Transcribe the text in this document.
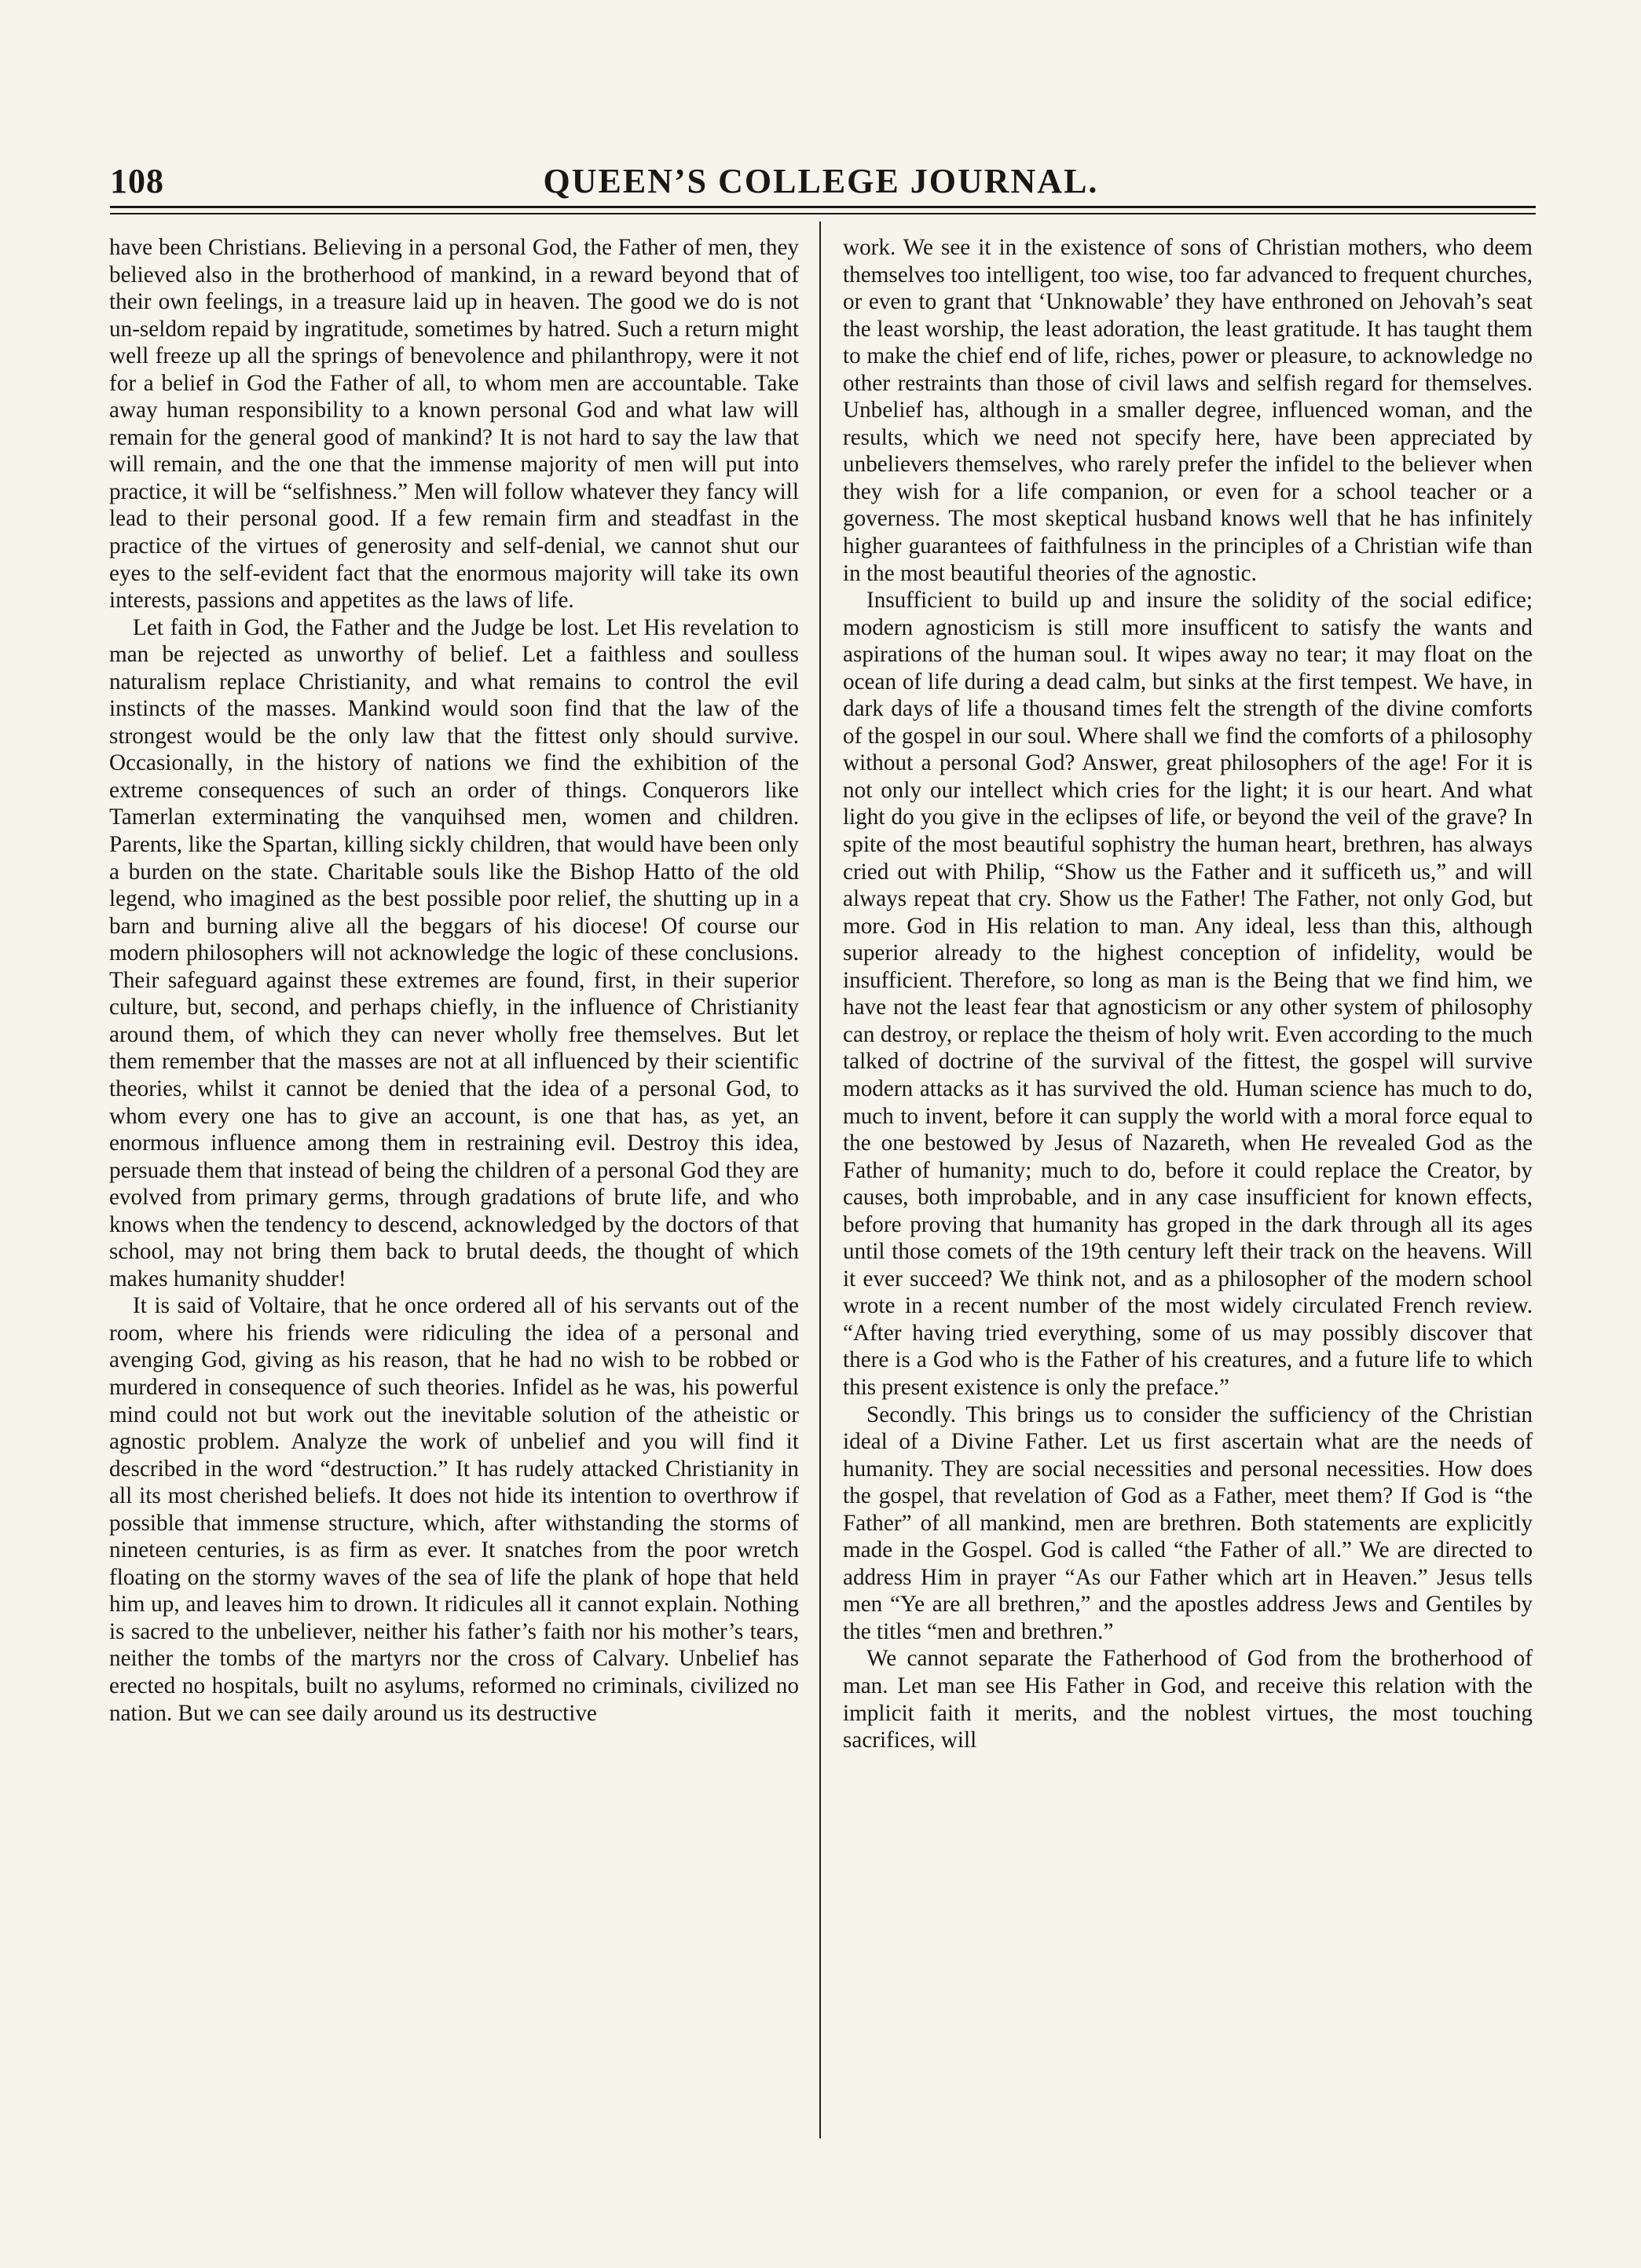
108	QUEEN’S COLLEGE JOURNAL.

have been Christians. Believing in a personal God, the Father of men, they believed also in the brotherhood of mankind, in a reward beyond that of their own feelings, in a treasure laid up in heaven. The good we do is not un-seldom repaid by ingratitude, sometimes by hatred. Such a return might well freeze up all the springs of benevolence and philanthropy, were it not for a belief in God the Father of all, to whom men are accountable. Take away human responsibility to a known personal God and what law will remain for the general good of mankind? It is not hard to say the law that will remain, and the one that the immense majority of men will put into practice, it will be “selfishness.” Men will follow whatever they fancy will lead to their personal good. If a few remain firm and steadfast in the practice of the virtues of generosity and self-denial, we cannot shut our eyes to the self-evident fact that the enormous majority will take its own interests, passions and appetites as the laws of life.

Let faith in God, the Father and the Judge be lost. Let His revelation to man be rejected as unworthy of belief. Let a faithless and soulless naturalism replace Christianity, and what remains to control the evil instincts of the masses. Mankind would soon find that the law of the strongest would be the only law that the fittest only should survive. Occasionally, in the history of nations we find the exhibition of the extreme consequences of such an order of things. Conquerors like Tamerlan exterminating the vanquihsed men, women and children. Parents, like the Spartan, killing sickly children, that would have been only a burden on the state. Charitable souls like the Bishop Hatto of the old legend, who imagined as the best possible poor relief, the shutting up in a barn and burning alive all the beggars of his diocese! Of course our modern philosophers will not acknowledge the logic of these conclusions. Their safeguard against these extremes are found, first, in their superior culture, but, second, and perhaps chiefly, in the influence of Christianity around them, of which they can never wholly free themselves. But let them remember that the masses are not at all influenced by their scientific theories, whilst it cannot be denied that the idea of a personal God, to whom every one has to give an account, is one that has, as yet, an enormous influence among them in restraining evil. Destroy this idea, persuade them that instead of being the children of a personal God they are evolved from primary germs, through gradations of brute life, and who knows when the tendency to descend, acknowledged by the doctors of that school, may not bring them back to brutal deeds, the thought of which makes humanity shudder!

It is said of Voltaire, that he once ordered all of his servants out of the room, where his friends were ridiculing the idea of a personal and avenging God, giving as his reason, that he had no wish to be robbed or murdered in consequence of such theories. Infidel as he was, his powerful mind could not but work out the inevitable solution of the atheistic or agnostic problem. Analyze the work of unbelief and you will find it described in the word “destruction.” It has rudely attacked Christianity in all its most cherished beliefs. It does not hide its intention to overthrow if possible that immense structure, which, after withstanding the storms of nineteen centuries, is as firm as ever. It snatches from the poor wretch floating on the stormy waves of the sea of life the plank of hope that held him up, and leaves him to drown. It ridicules all it cannot explain. Nothing is sacred to the unbeliever, neither his father’s faith nor his mother’s tears, neither the tombs of the martyrs nor the cross of Calvary. Unbelief has erected no hospitals, built no asylums, reformed no criminals, civilized no nation. But we can see daily around us its destructive

work. We see it in the existence of sons of Christian mothers, who deem themselves too intelligent, too wise, too far advanced to frequent churches, or even to grant that ‘Unknowable’ they have enthroned on Jehovah’s seat the least worship, the least adoration, the least gratitude. It has taught them to make the chief end of life, riches, power or pleasure, to acknowledge no other restraints than those of civil laws and selfish regard for themselves. Unbelief has, although in a smaller degree, influenced woman, and the results, which we need not specify here, have been appreciated by unbelievers themselves, who rarely prefer the infidel to the believer when they wish for a life companion, or even for a school teacher or a governess. The most skeptical husband knows well that he has infinitely higher guarantees of faithfulness in the principles of a Christian wife than in the most beautiful theories of the agnostic.

Insufficient to build up and insure the solidity of the social edifice; modern agnosticism is still more insufficent to satisfy the wants and aspirations of the human soul. It wipes away no tear; it may float on the ocean of life during a dead calm, but sinks at the first tempest. We have, in dark days of life a thousand times felt the strength of the divine comforts of the gospel in our soul. Where shall we find the comforts of a philosophy without a personal God? Answer, great philosophers of the age! For it is not only our intellect which cries for the light; it is our heart. And what light do you give in the eclipses of life, or beyond the veil of the grave? In spite of the most beautiful sophistry the human heart, brethren, has always cried out with Philip, “Show us the Father and it sufficeth us,” and will always repeat that cry. Show us the Father! The Father, not only God, but more. God in His relation to man. Any ideal, less than this, although superior already to the highest conception of infidelity, would be insufficient. Therefore, so long as man is the Being that we find him, we have not the least fear that agnosticism or any other system of philosophy can destroy, or replace the theism of holy writ. Even according to the much talked of doctrine of the survival of the fittest, the gospel will survive modern attacks as it has survived the old. Human science has much to do, much to invent, before it can supply the world with a moral force equal to the one bestowed by Jesus of Nazareth, when He revealed God as the Father of humanity; much to do, before it could replace the Creator, by causes, both improbable, and in any case insufficient for known effects, before proving that humanity has groped in the dark through all its ages until those comets of the 19th century left their track on the heavens. Will it ever succeed? We think not, and as a philosopher of the modern school wrote in a recent number of the most widely circulated French review. “After having tried everything, some of us may possibly discover that there is a God who is the Father of his creatures, and a future life to which this present existence is only the preface.”

Secondly. This brings us to consider the sufficiency of the Christian ideal of a Divine Father. Let us first ascertain what are the needs of humanity. They are social necessities and personal necessities. How does the gospel, that revelation of God as a Father, meet them? If God is “the Father” of all mankind, men are brethren. Both statements are explicitly made in the Gospel. God is called “the Father of all.” We are directed to address Him in prayer “As our Father which art in Heaven.” Jesus tells men “Ye are all brethren,” and the apostles address Jews and Gentiles by the titles “men and brethren.”

We cannot separate the Fatherhood of God from the brotherhood of man. Let man see His Father in God, and receive this relation with the implicit faith it merits, and the noblest virtues, the most touching sacrifices, will
